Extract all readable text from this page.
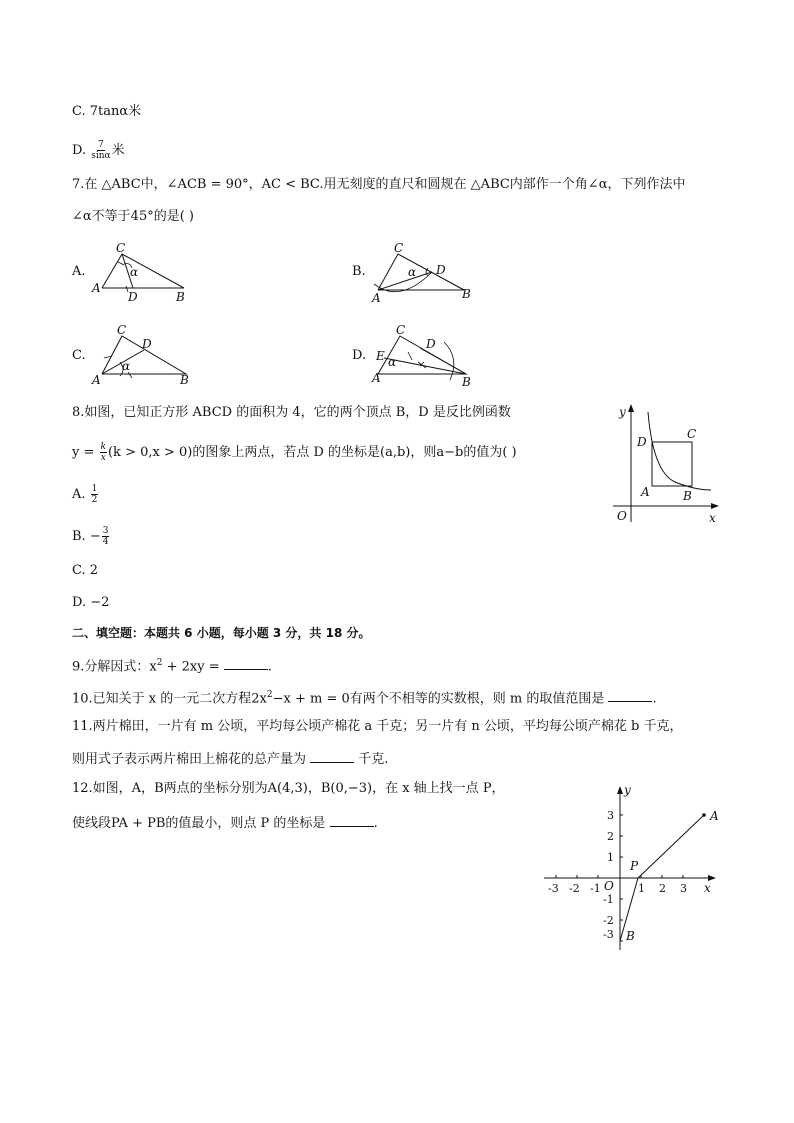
C. 7tanα米
D. $\frac{7}{\sin\alpha}$ 米
7.在 △ABC中，∠ACB = 90°，AC < BC.用无刻度的直尺和圆规在 △ABC内部作一个角∠α，下列作法中
∠α不等于45°的是( )
A.	B.
C.	D.
C
A
D	B
α
C
A
D
B
α
C
A
D
B
α
C
A
D
B
E α
8.如图，已知正方形 ABCD 的面积为 4，它的两个顶点 B，D 是反比例函数
$y = \frac{k}{x} (k > 0,x > 0)$的图象上两点，若点 D 的坐标是(a,b)，则a−b的值为( )
A. $\frac{1}{2}$
B. − $\frac{3}{4}$
C. 2
D. −2
y
x
O
D
C
A	B
二、填空题：本题共 6 小题，每小题 3 分，共 18 分。
9.分解因式：$x^2 + 2xy$ =	.
10.已知关于 x 的一元二次方程$2x^2-x + m = 0$有两个不相等的实数根，则 m 的取值范围是	.
11.两片棉田，一片有 m 公顷，平均每公顷产棉花 a 千克；另一片有 n 公顷，平均每公顷产棉花 b 千克，
则用式子表示两片棉田上棉花的总产量为	千克.
12.如图，A，B两点的坐标分别为A(4,3)，B(0,−3)，在 x 轴上找一点 P，
使线段PA + PB的值最小，则点 P 的坐标是	.
-3 -2 -1	1 2 3
3
2
1
-1
-2
-3
y
x
O
A
B
P
